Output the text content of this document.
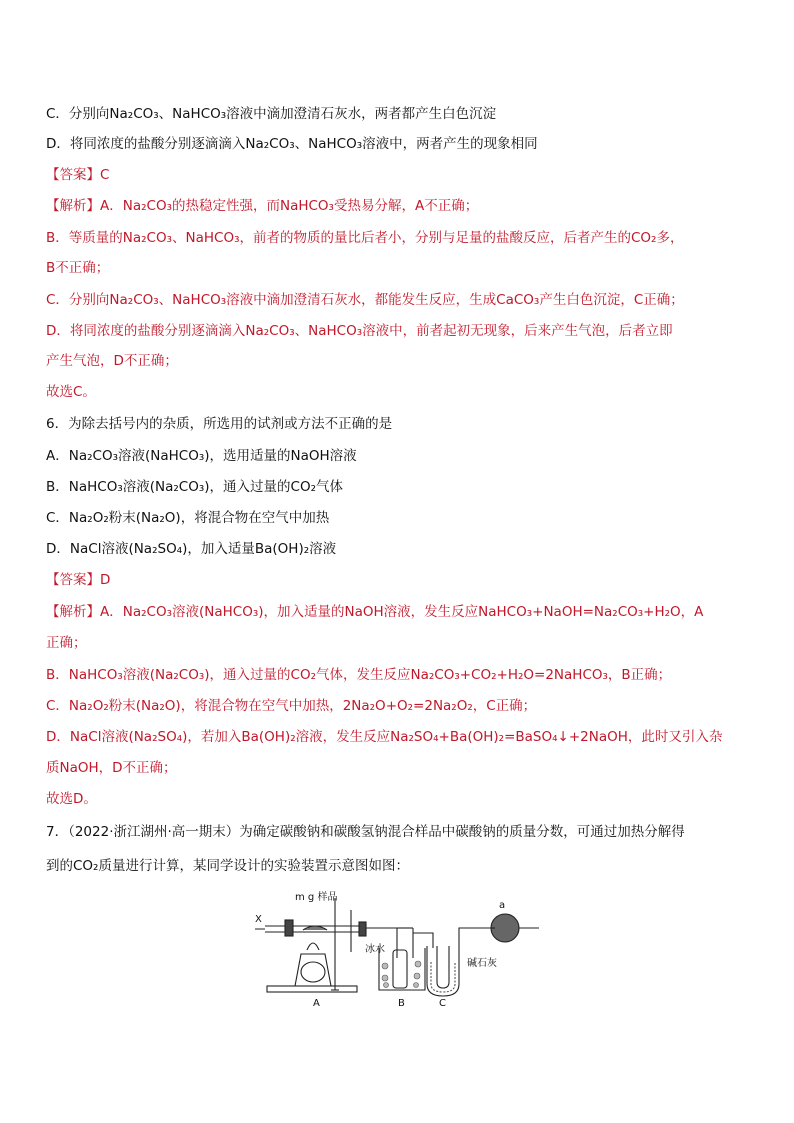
C．分别向Na₂CO₃、NaHCO₃溶液中滴加澄清石灰水，两者都产生白色沉淀
D．将同浓度的盐酸分别逐滴滴入Na₂CO₃、NaHCO₃溶液中，两者产生的现象相同
【答案】C
【解析】A．Na₂CO₃的热稳定性强，而NaHCO₃受热易分解，A不正确；
B．等质量的Na₂CO₃、NaHCO₃，前者的物质的量比后者小，分别与足量的盐酸反应，后者产生的CO₂多，
B不正确；
C．分别向Na₂CO₃、NaHCO₃溶液中滴加澄清石灰水，都能发生反应，生成CaCO₃产生白色沉淀，C正确；
D．将同浓度的盐酸分别逐滴滴入Na₂CO₃、NaHCO₃溶液中，前者起初无现象，后来产生气泡，后者立即
产生气泡，D不正确；
故选C。
6．为除去括号内的杂质，所选用的试剂或方法不正确的是
A．Na₂CO₃溶液(NaHCO₃)，选用适量的NaOH溶液
B．NaHCO₃溶液(Na₂CO₃)，通入过量的CO₂气体
C．Na₂O₂粉末(Na₂O)，将混合物在空气中加热
D．NaCl溶液(Na₂SO₄)，加入适量Ba(OH)₂溶液
【答案】D
【解析】A．Na₂CO₃溶液(NaHCO₃)，加入适量的NaOH溶液，发生反应NaHCO₃+NaOH=Na₂CO₃+H₂O，A
正确；
B．NaHCO₃溶液(Na₂CO₃)，通入过量的CO₂气体，发生反应Na₂CO₃+CO₂+H₂O=2NaHCO₃，B正确；
C．Na₂O₂粉末(Na₂O)，将混合物在空气中加热，2Na₂O+O₂=2Na₂O₂，C正确；
D．NaCl溶液(Na₂SO₄)，若加入Ba(OH)₂溶液，发生反应Na₂SO₄+Ba(OH)₂=BaSO₄↓+2NaOH，此时又引入杂
质NaOH，D不正确；
故选D。
7．（2022·浙江湖州·高一期末）为确定碳酸钠和碳酸氢钠混合样品中碳酸钠的质量分数，可通过加热分解得
到的CO₂质量进行计算，某同学设计的实验装置示意图如图：
X
m g 样品
冰水
碱石灰
a
A	B	C
